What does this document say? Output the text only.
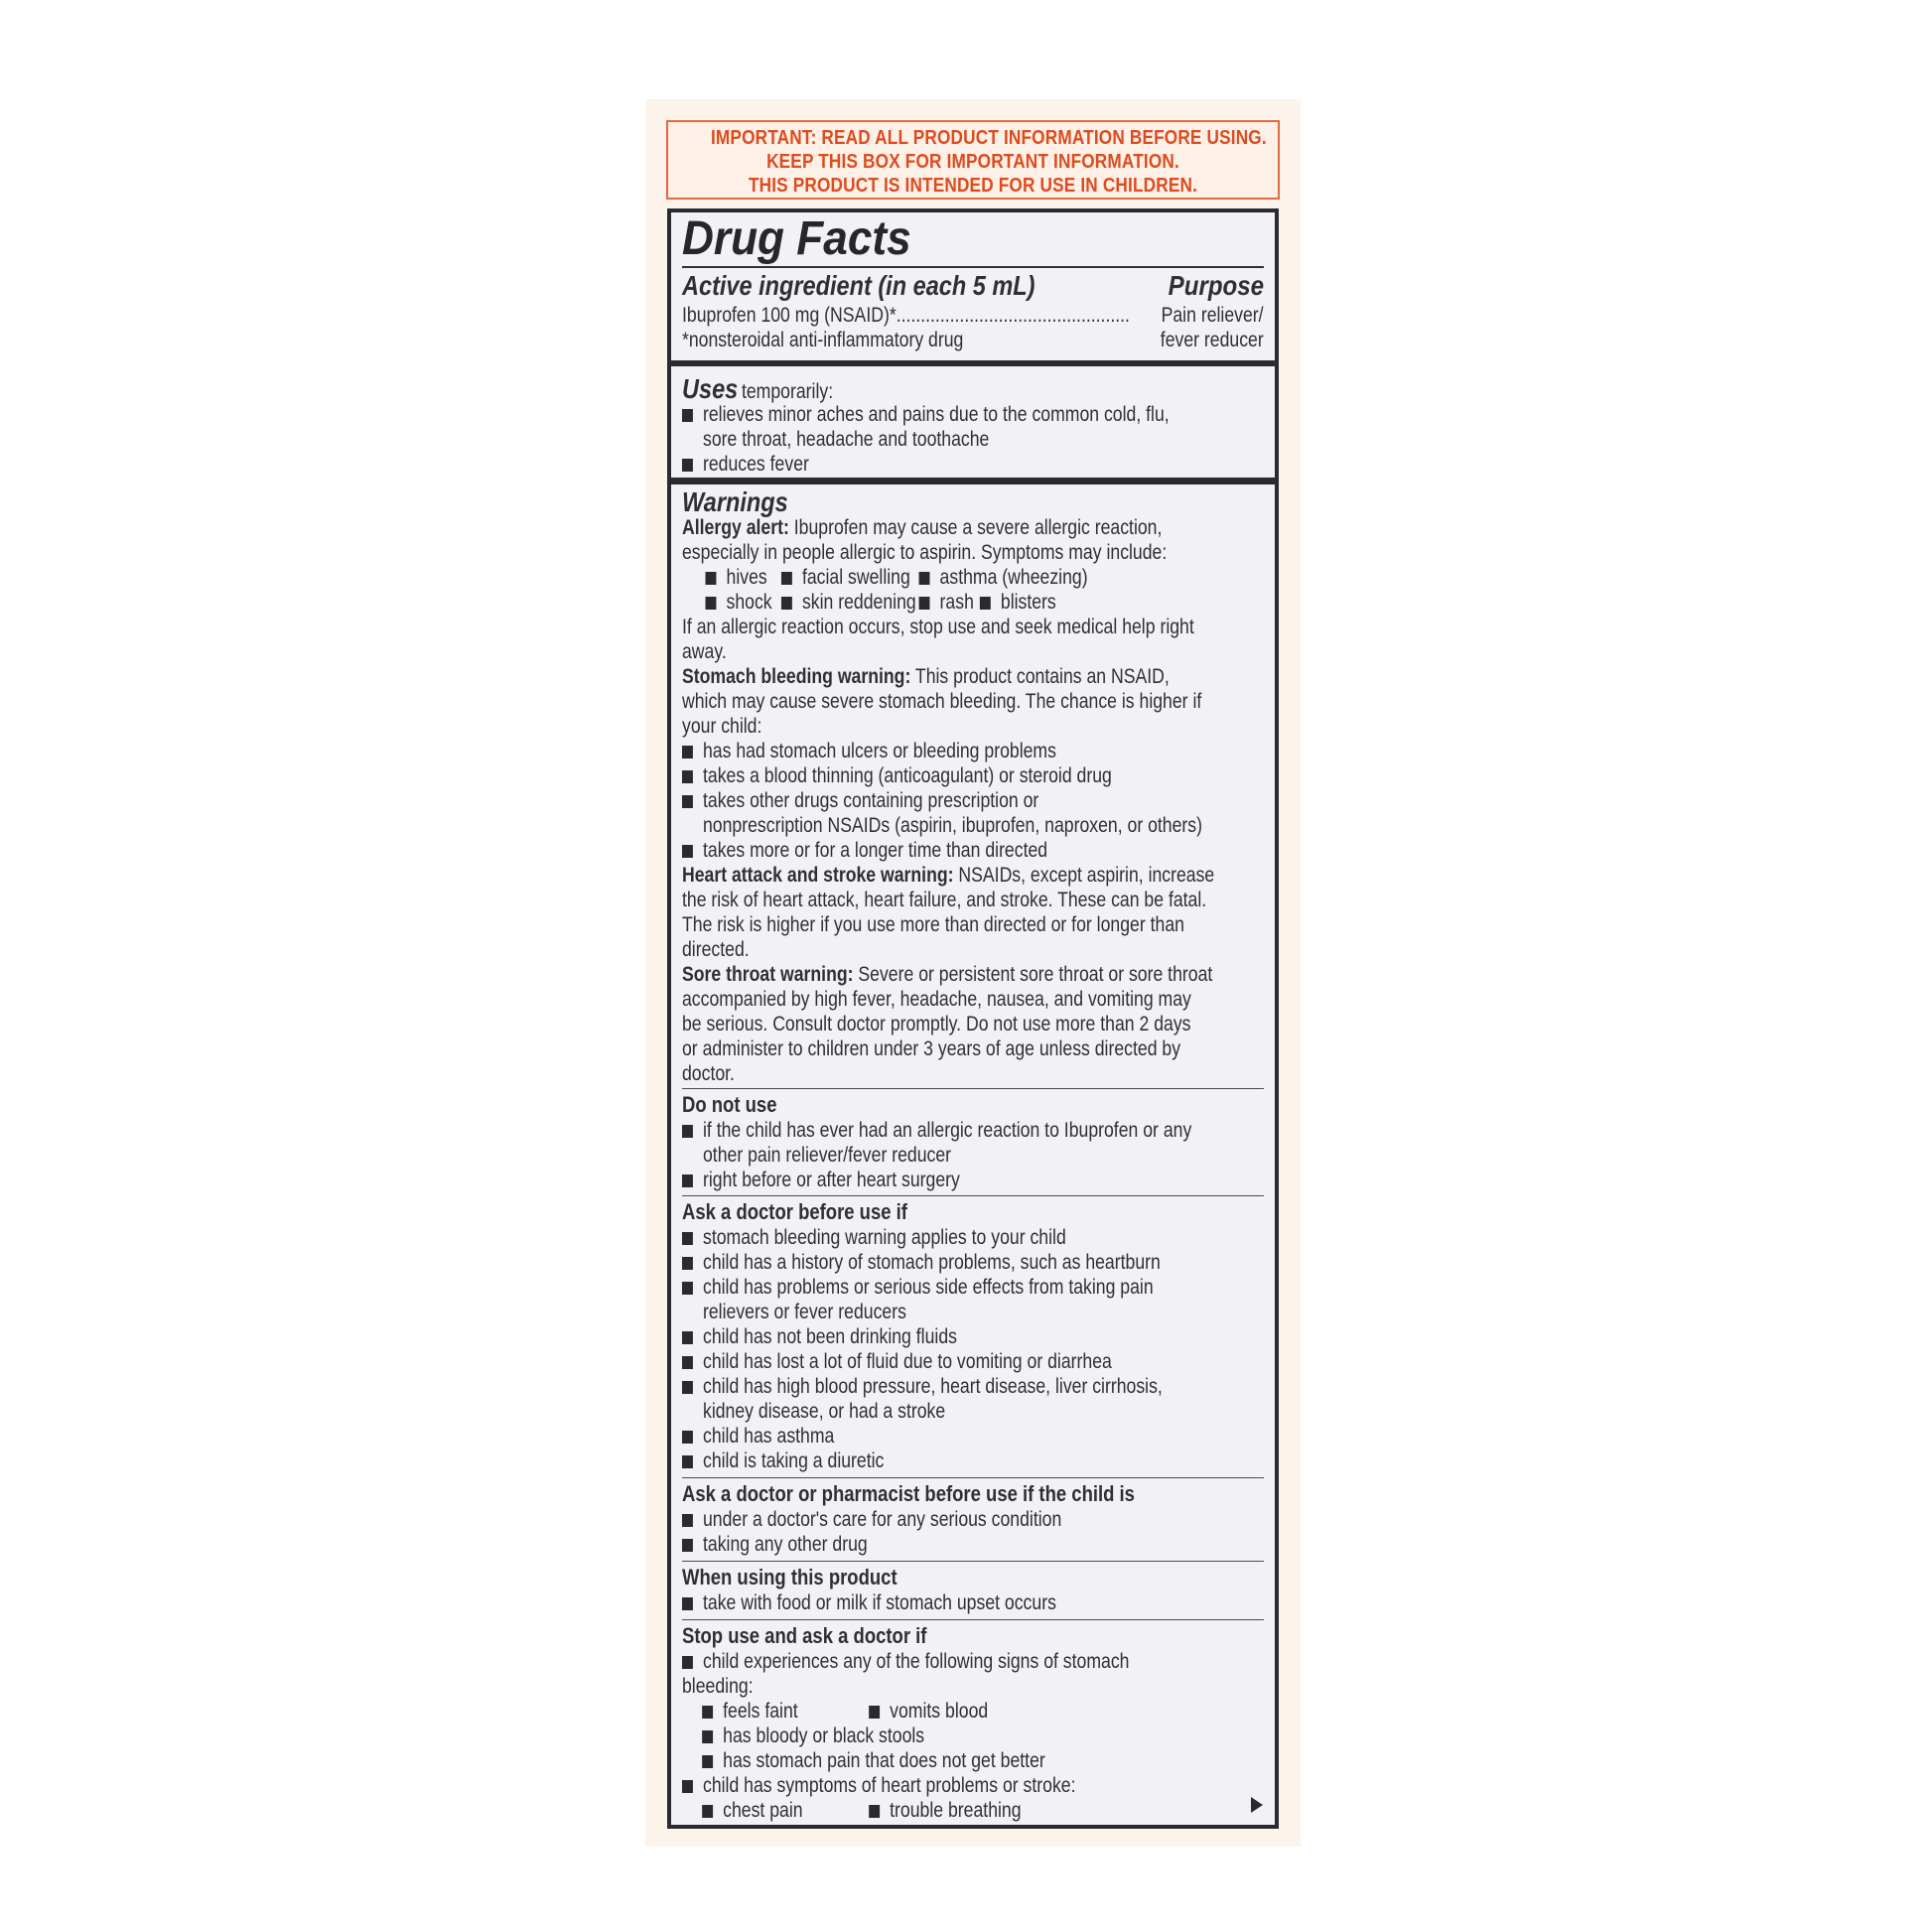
IMPORTANT: READ ALL PRODUCT INFORMATION BEFORE USING.
KEEP THIS BOX FOR IMPORTANT INFORMATION.
THIS PRODUCT IS INTENDED FOR USE IN CHILDREN.
Drug Facts
Active ingredient (in each 5 mL)	Purpose
Ibuprofen 100 mg (NSAID)*................................................ Pain reliever/
*nonsteroidal anti-inflammatory drug	fever reducer
Uses temporarily:
relieves minor aches and pains due to the common cold, flu,
sore throat, headache and toothache
reduces fever
Warnings
Allergy alert: Ibuprofen may cause a severe allergic reaction,
especially in people allergic to aspirin. Symptoms may include:
hives facial swelling asthma (wheezing)
shock skin reddening rash blisters
If an allergic reaction occurs, stop use and seek medical help right
away.
Stomach bleeding warning: This product contains an NSAID,
which may cause severe stomach bleeding. The chance is higher if
your child:
has had stomach ulcers or bleeding problems
takes a blood thinning (anticoagulant) or steroid drug
takes other drugs containing prescription or
nonprescription NSAIDs (aspirin, ibuprofen, naproxen, or others)
takes more or for a longer time than directed
Heart attack and stroke warning: NSAIDs, except aspirin, increase
the risk of heart attack, heart failure, and stroke. These can be fatal.
The risk is higher if you use more than directed or for longer than
directed.
Sore throat warning: Severe or persistent sore throat or sore throat
accompanied by high fever, headache, nausea, and vomiting may
be serious. Consult doctor promptly. Do not use more than 2 days
or administer to children under 3 years of age unless directed by
doctor.
Do not use
if the child has ever had an allergic reaction to Ibuprofen or any
other pain reliever/fever reducer
right before or after heart surgery
Ask a doctor before use if
stomach bleeding warning applies to your child
child has a history of stomach problems, such as heartburn
child has problems or serious side effects from taking pain
relievers or fever reducers
child has not been drinking fluids
child has lost a lot of fluid due to vomiting or diarrhea
child has high blood pressure, heart disease, liver cirrhosis,
kidney disease, or had a stroke
child has asthma
child is taking a diuretic
Ask a doctor or pharmacist before use if the child is
under a doctor's care for any serious condition
taking any other drug
When using this product
take with food or milk if stomach upset occurs
Stop use and ask a doctor if
child experiences any of the following signs of stomach
bleeding:
feels faint	vomits blood
has bloody or black stools
has stomach pain that does not get better
child has symptoms of heart problems or stroke:
chest pain	trouble breathing
